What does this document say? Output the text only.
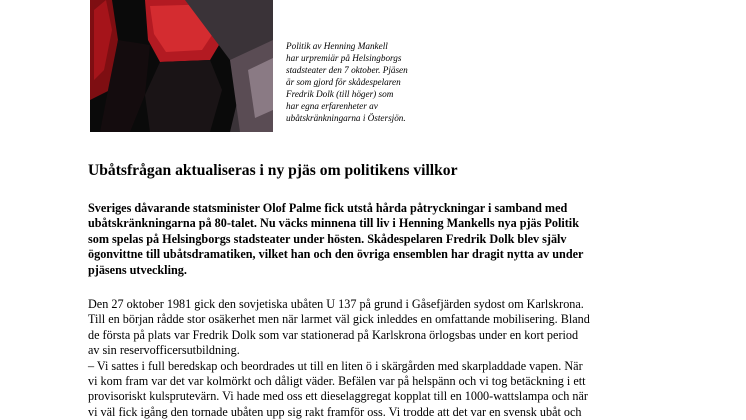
Politik av Henning Mankell
har urpremiär på Helsingborgs
stadsteater den 7 oktober. Pjäsen
är som gjord för skådespelaren
Fredrik Dolk (till höger) som
har egna erfarenheter av
ubåtskränkningarna i Östersjön.
Ubåtsfrågan aktualiseras i ny pjäs om politikens villkor
Sveriges dåvarande statsminister Olof Palme fick utstå hårda påtryckningar i samband med
ubåtskränkningarna på 80-talet. Nu väcks minnena till liv i Henning Mankells nya pjäs Politik
som spelas på Helsingborgs stadsteater under hösten. Skådespelaren Fredrik Dolk blev själv
ögonvittne till ubåtsdramatiken, vilket han och den övriga ensemblen har dragit nytta av under
pjäsens utveckling.
Den 27 oktober 1981 gick den sovjetiska ubåten U 137 på grund i Gåsefjärden sydost om Karlskrona.
Till en början rådde stor osäkerhet men när larmet väl gick inleddes en omfattande mobilisering. Bland
de första på plats var Fredrik Dolk som var stationerad på Karlskrona örlogsbas under en kort period
av sin reservofficersutbildning.
– Vi sattes i full beredskap och beordrades ut till en liten ö i skärgården med skarpladdade vapen. När
vi kom fram var det var kolmörkt och dåligt väder. Befälen var på helspänn och vi tog betäckning i ett
provisoriskt kulsprutevärn. Vi hade med oss ett dieselaggregat kopplat till en 1000-wattslampa och när
vi väl fick igång den tornade ubåten upp sig rakt framför oss. Vi trodde att det var en svensk ubåt och
